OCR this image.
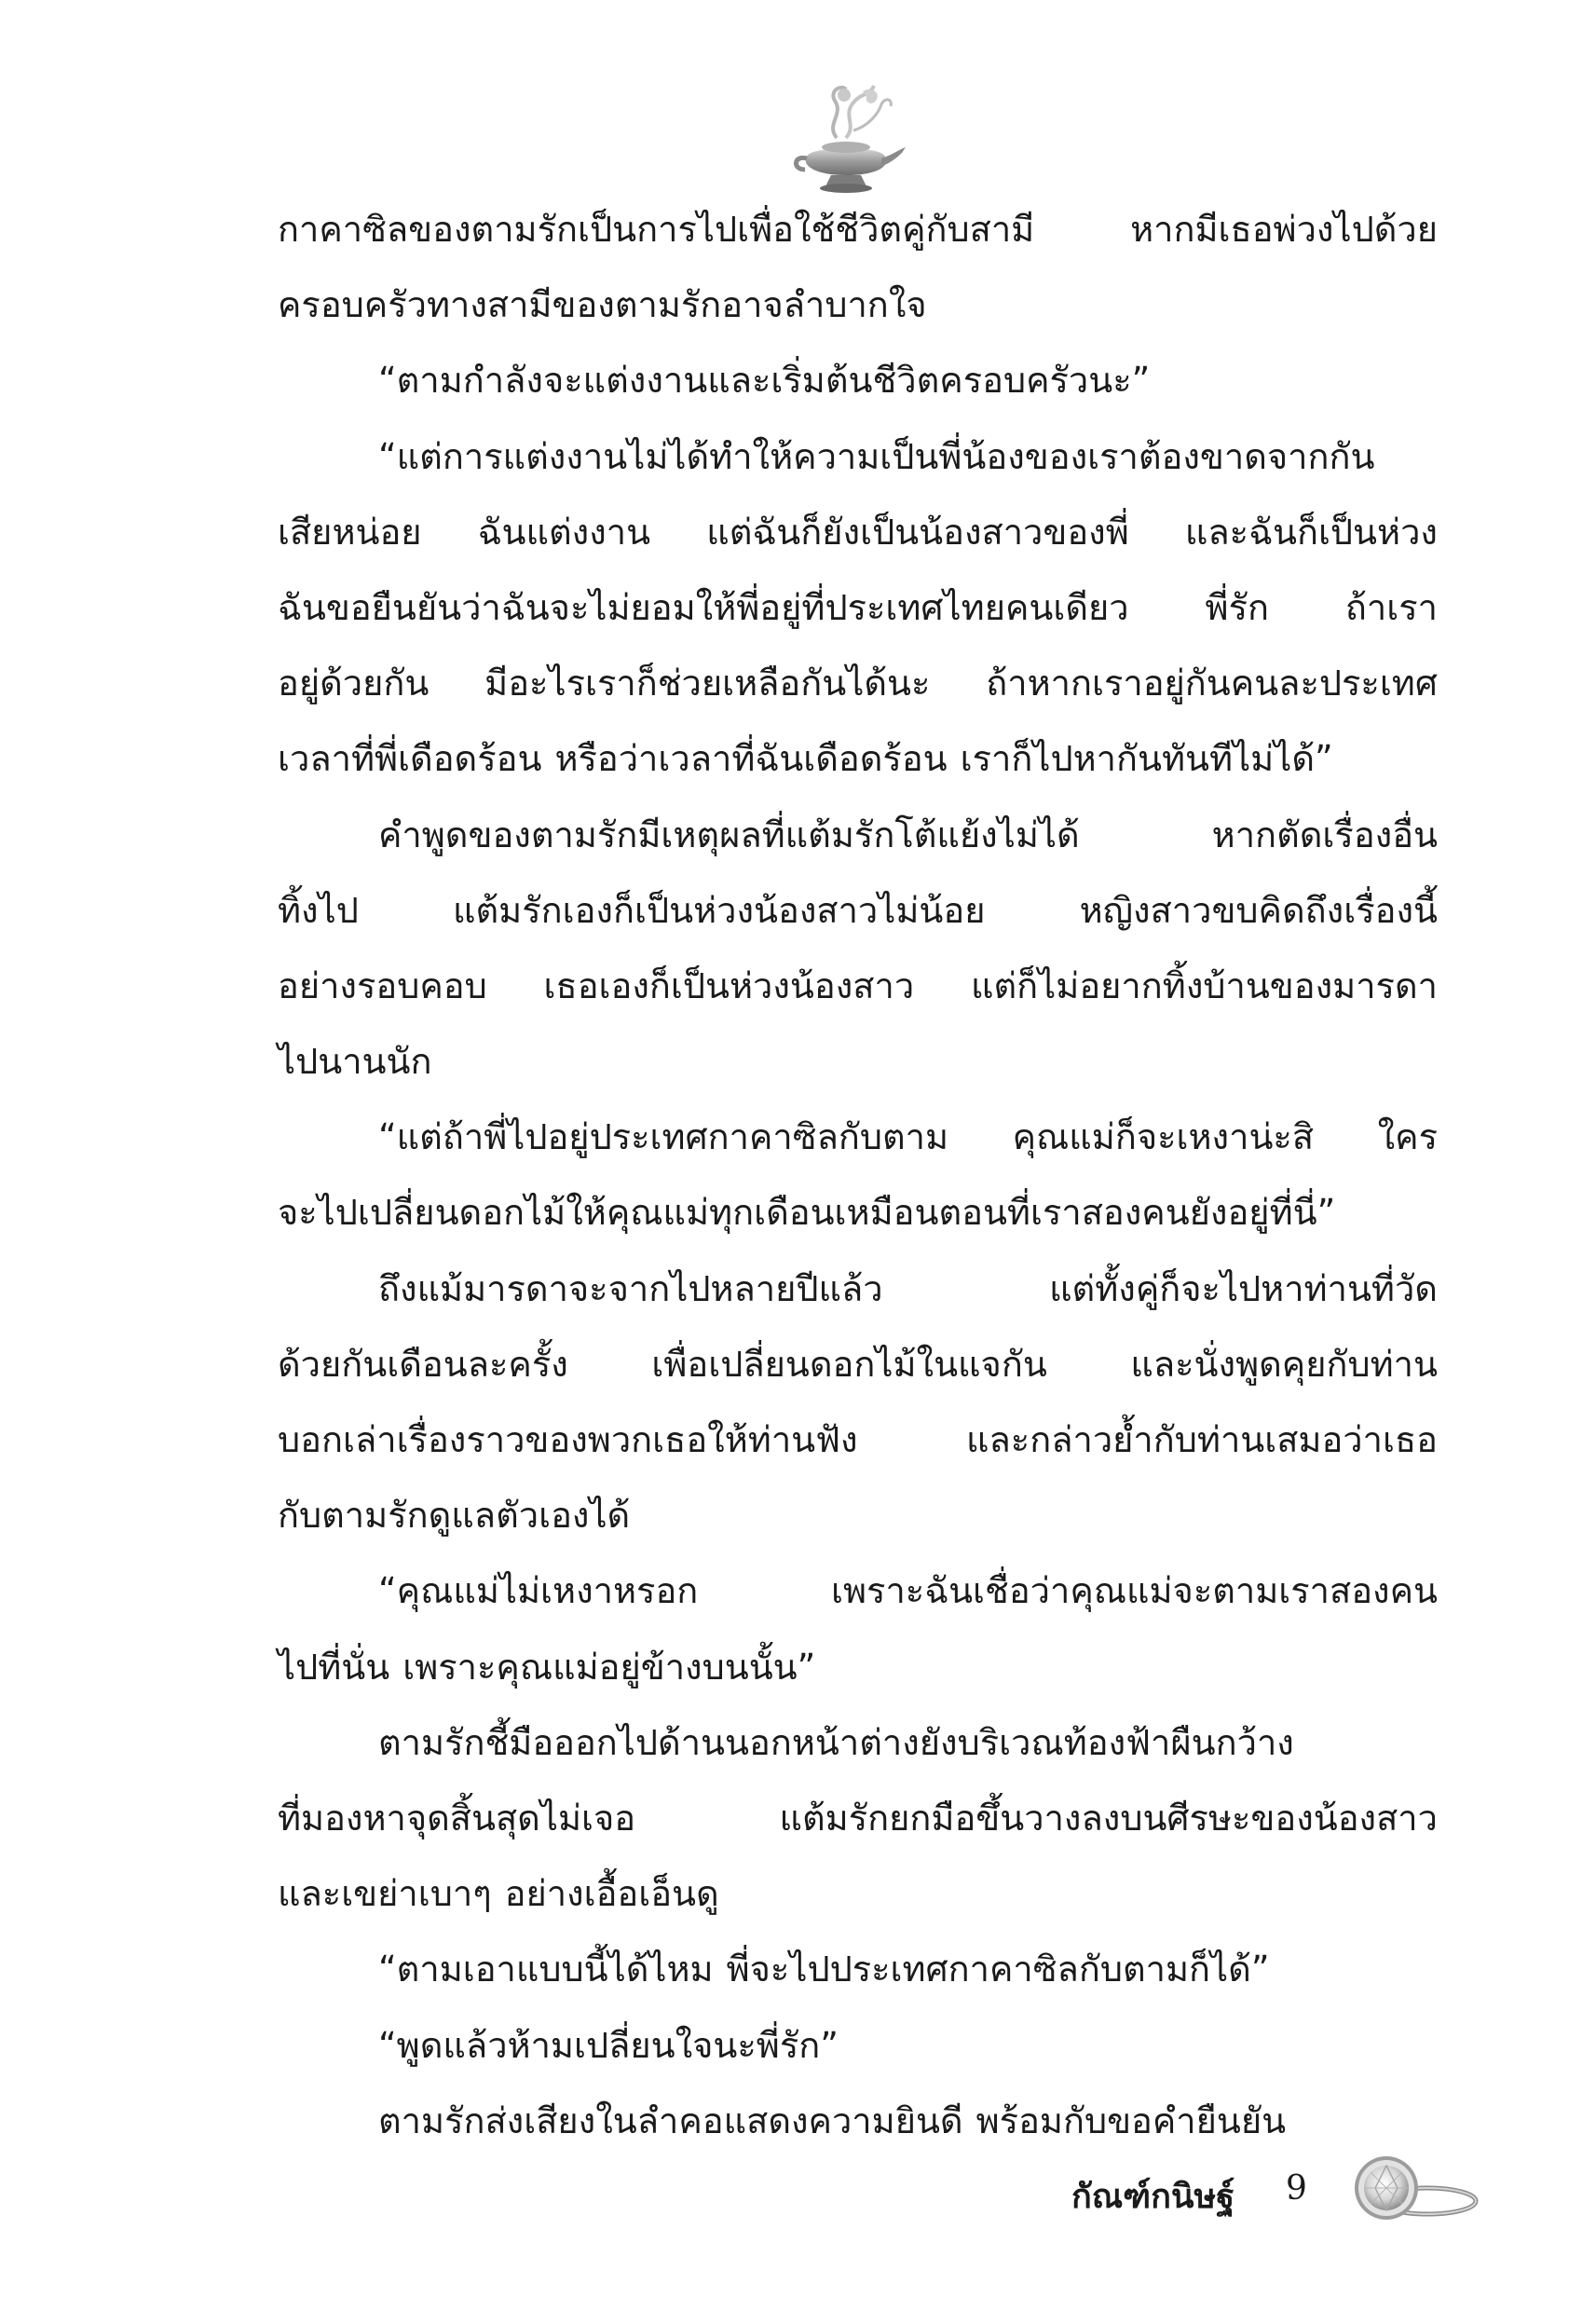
กาคาซิลของตามรักเป็นการไปเพื่อใช้ชีวิตคู่กับสามี	หากมีเธอพ่วงไปด้วย
ครอบครัวทางสามีของตามรักอาจลำบากใจ
“ตามกำลังจะแต่งงานและเริ่มต้นชีวิตครอบครัวนะ”
“แต่การแต่งงานไม่ได้ทำให้ความเป็นพี่น้องของเราต้องขาดจากกัน
เสียหน่อย ฉันแต่งงาน แต่ฉันก็ยังเป็นน้องสาวของพี่ และฉันก็เป็นห่วง
ฉันขอยืนยันว่าฉันจะไม่ยอมให้พี่อยู่ที่ประเทศไทยคนเดียว พี่รัก ถ้าเรา
อยู่ด้วยกัน มีอะไรเราก็ช่วยเหลือกันได้นะ ถ้าหากเราอยู่กันคนละประเทศ
เวลาที่พี่เดือดร้อน หรือว่าเวลาที่ฉันเดือดร้อน เราก็ไปหากันทันทีไม่ได้”
คำพูดของตามรักมีเหตุผลที่แต้มรักโต้แย้งไม่ได้	หากตัดเรื่องอื่น
ทิ้งไป	แต้มรักเองก็เป็นห่วงน้องสาวไม่น้อย	หญิงสาวขบคิดถึงเรื่องนี้
อย่างรอบคอบ เธอเองก็เป็นห่วงน้องสาว แต่ก็ไม่อยากทิ้งบ้านของมารดา
ไปนานนัก
“แต่ถ้าพี่ไปอยู่ประเทศกาคาซิลกับตาม คุณแม่ก็จะเหงาน่ะสิ ใคร
จะไปเปลี่ยนดอกไม้ให้คุณแม่ทุกเดือนเหมือนตอนที่เราสองคนยังอยู่ที่นี่”
ถึงแม้มารดาจะจากไปหลายปีแล้ว	แต่ทั้งคู่ก็จะไปหาท่านที่วัด
ด้วยกันเดือนละครั้ง เพื่อเปลี่ยนดอกไม้ในแจกัน และนั่งพูดคุยกับท่าน
บอกเล่าเรื่องราวของพวกเธอให้ท่านฟัง	และกล่าวย้ำกับท่านเสมอว่าเธอ
กับตามรักดูแลตัวเองได้
“คุณแม่ไม่เหงาหรอก	เพราะฉันเชื่อว่าคุณแม่จะตามเราสองคน
ไปที่นั่น เพราะคุณแม่อยู่ข้างบนนั้น”
ตามรักชี้มือออกไปด้านนอกหน้าต่างยังบริเวณท้องฟ้าผืนกว้าง
ที่มองหาจุดสิ้นสุดไม่เจอ	แต้มรักยกมือขึ้นวางลงบนศีรษะของน้องสาว
และเขย่าเบาๆ อย่างเอื้อเอ็นดู
“ตามเอาแบบนี้ได้ไหม พี่จะไปประเทศกาคาซิลกับตามก็ได้”
“พูดแล้วห้ามเปลี่ยนใจนะพี่รัก”
ตามรักส่งเสียงในลำคอแสดงความยินดี พร้อมกับขอคำยืนยัน
กัณฑ์กนิษฐ์ 9
